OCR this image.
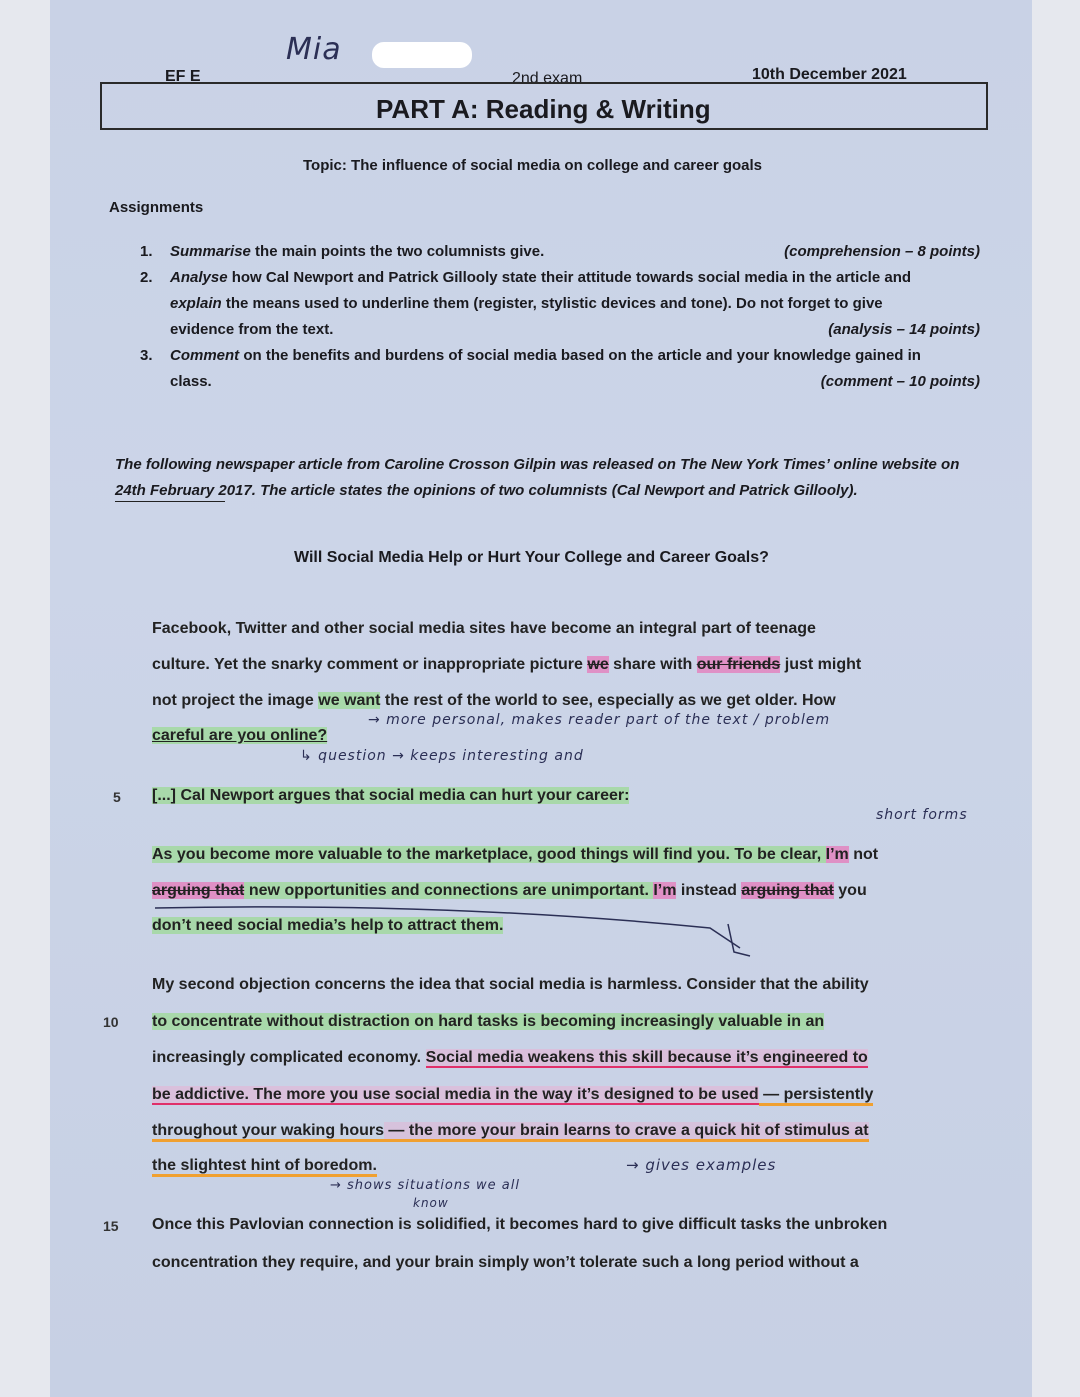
Mia
EF E	2nd exam	10th December 2021
PART A: Reading & Writing
Topic: The influence of social media on college and career goals
Assignments
1. Summarise the main points the two columnists give.	(comprehension – 8 points)
2. Analyse how Cal Newport and Patrick Gillooly state their attitude towards social media in the article and
explain the means used to underline them (register, stylistic devices and tone). Do not forget to give
evidence from the text.	(analysis – 14 points)
3. Comment on the benefits and burdens of social media based on the article and your knowledge gained in
class.	(comment – 10 points)
The following newspaper article from Caroline Crosson Gilpin was released on The New York Times’ online website on
24th February 2017. The article states the opinions of two columnists (Cal Newport and Patrick Gillooly).
Will Social Media Help or Hurt Your College and Career Goals?
Facebook, Twitter and other social media sites have become an integral part of teenage
culture. Yet the snarky comment or inappropriate picture we share with our friends just might
not project the image we want the rest of the world to see, especially as we get older. How
→ more personal, makes reader part of the text / problem
careful are you online?
↳ question → keeps interesting and
5 [...] Cal Newport argues that social media can hurt your career:
short forms
As you become more valuable to the marketplace, good things will find you. To be clear, I’m not
arguing that new opportunities and connections are unimportant. I’m instead arguing that you
don’t need social media’s help to attract them.
My second objection concerns the idea that social media is harmless. Consider that the ability
10 to concentrate without distraction on hard tasks is becoming increasingly valuable in an
increasingly complicated economy. Social media weakens this skill because it’s engineered to
be addictive. The more you use social media in the way it’s designed to be used — persistently
throughout your waking hours — the more your brain learns to crave a quick hit of stimulus at
the slightest hint of boredom.	→ gives examples
→ shows situations we all
know
15 Once this Pavlovian connection is solidified, it becomes hard to give difficult tasks the unbroken
concentration they require, and your brain simply won’t tolerate such a long period without a
